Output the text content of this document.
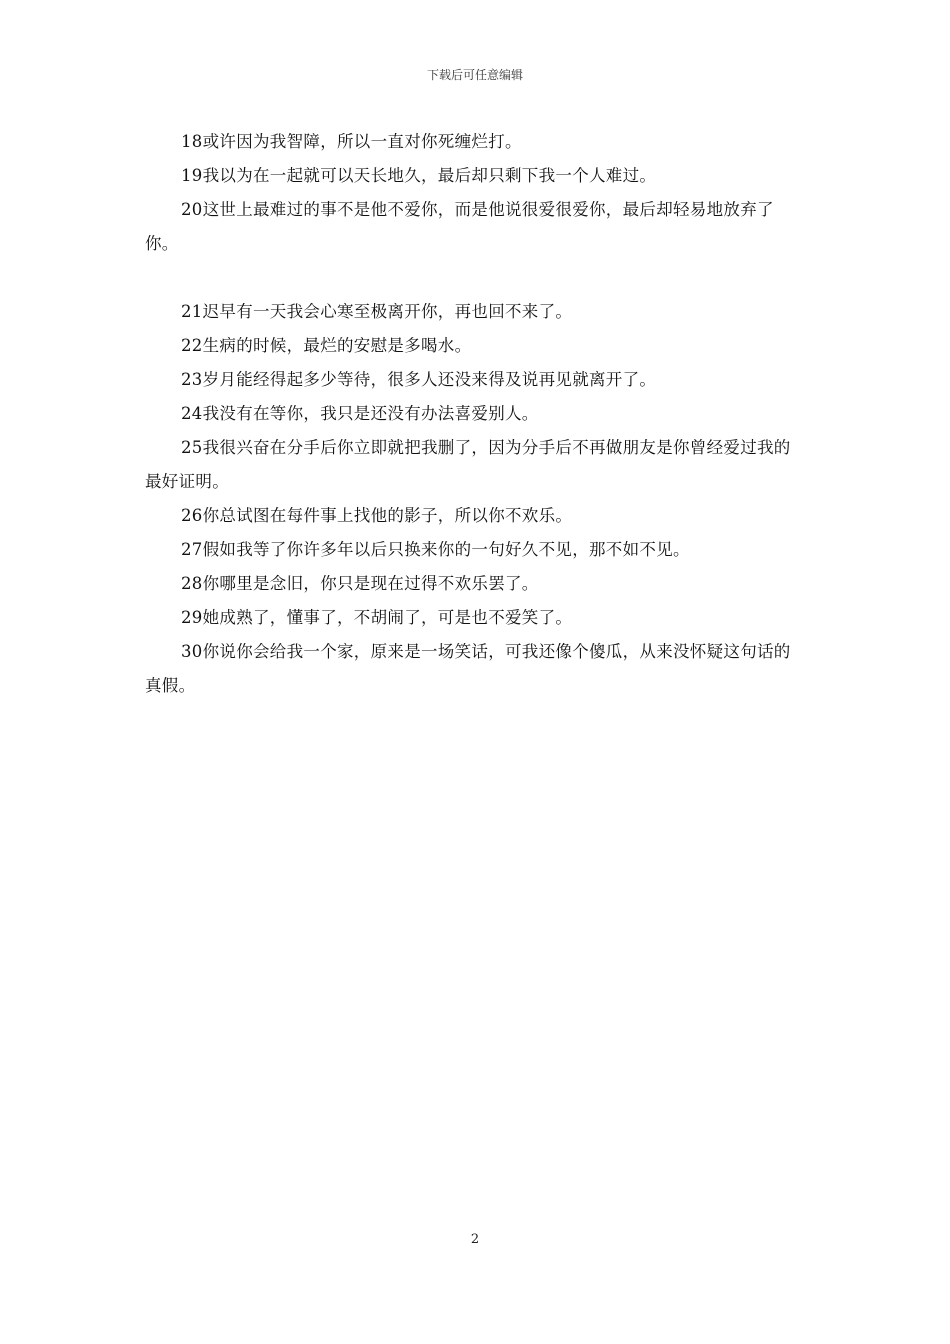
下载后可任意编辑

18或许因为我智障，所以一直对你死缠烂打。

19我以为在一起就可以天长地久，最后却只剩下我一个人难过。

20这世上最难过的事不是他不爱你，而是他说很爱很爱你，最后却轻易地放弃了你。

21迟早有一天我会心寒至极离开你，再也回不来了。

22生病的时候，最烂的安慰是多喝水。

23岁月能经得起多少等待，很多人还没来得及说再见就离开了。

24我没有在等你，我只是还没有办法喜爱别人。

25我很兴奋在分手后你立即就把我删了，因为分手后不再做朋友是你曾经爱过我的最好证明。

26你总试图在每件事上找他的影子，所以你不欢乐。

27假如我等了你许多年以后只换来你的一句好久不见，那不如不见。

28你哪里是念旧，你只是现在过得不欢乐罢了。

29她成熟了，懂事了，不胡闹了，可是也不爱笑了。

30你说你会给我一个家，原来是一场笑话，可我还像个傻瓜，从来没怀疑这句话的真假。

2
